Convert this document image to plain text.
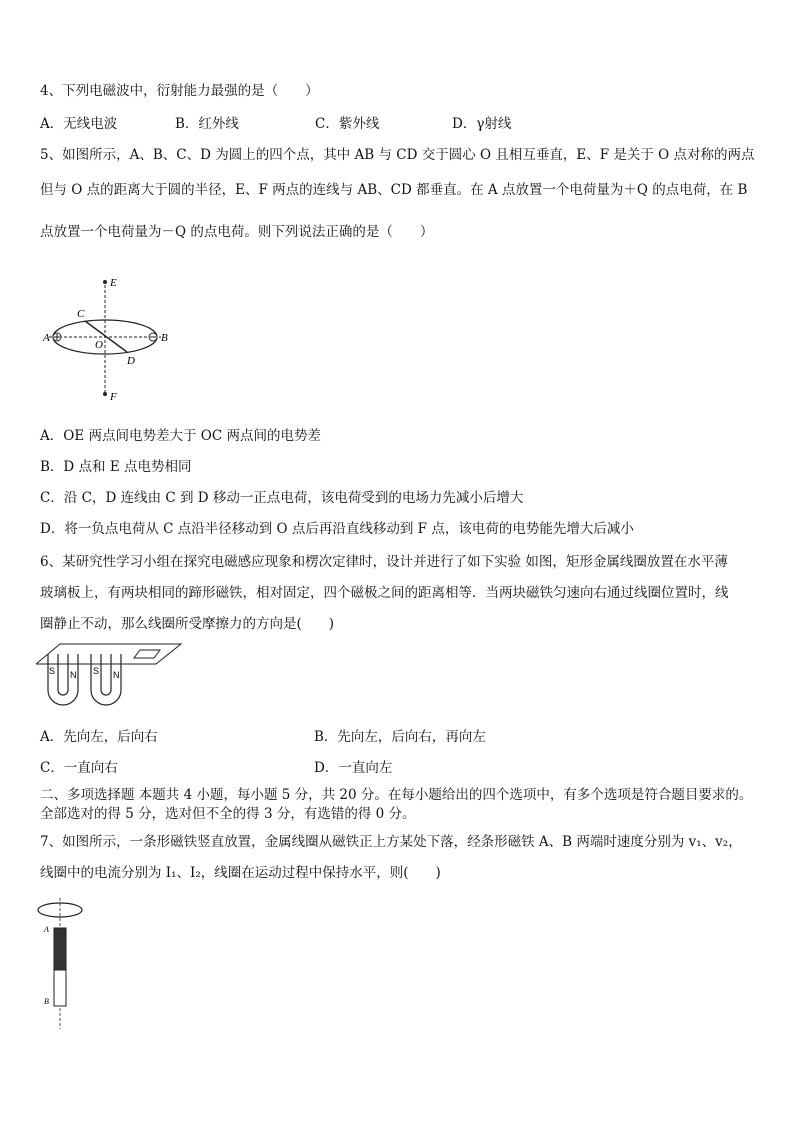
4、下列电磁波中，衍射能力最强的是（　　）
A．无线电波	B．红外线	C．紫外线	D．γ射线
5、如图所示，A、B、C、D 为圆上的四个点，其中 AB 与 CD 交于圆心 O 且相互垂直，E、F 是关于 O 点对称的两点
但与 O 点的距离大于圆的半径，E、F 两点的连线与 AB、CD 都垂直。在 A 点放置一个电荷量为＋Q 的点电荷，在 B
点放置一个电荷量为－Q 的点电荷。则下列说法正确的是（　　）
E
C
A
O
B
D
F
A．OE 两点间电势差大于 OC 两点间的电势差
B．D 点和 E 点电势相同
C．沿 C，D 连线由 C 到 D 移动一正点电荷，该电荷受到的电场力先减小后增大
D．将一负点电荷从 C 点沿半径移动到 O 点后再沿直线移动到 F 点，该电荷的电势能先增大后减小
6、某研究性学习小组在探究电磁感应现象和楞次定律时，设计并进行了如下实验 如图，矩形金属线圈放置在水平薄
玻璃板上，有两块相同的蹄形磁铁，相对固定，四个磁极之间的距离相等．当两块磁铁匀速向右通过线圈位置时，线
圈静止不动，那么线圈所受摩擦力的方向是(　　)
S N S N
A．先向左，后向右	B．先向左，后向右，再向左
C．一直向右	D．一直向左
二、多项选择题 本题共 4 小题，每小题 5 分，共 20 分。在每小题给出的四个选项中，有多个选项是符合题目要求的。
全部选对的得 5 分，选对但不全的得 3 分，有选错的得 0 分。
7、如图所示，一条形磁铁竖直放置，金属线圈从磁铁正上方某处下落，经条形磁铁 A、B 两端时速度分别为 v₁、v₂，
线圈中的电流分别为 I₁、I₂，线圈在运动过程中保持水平，则(　　)
A
B
